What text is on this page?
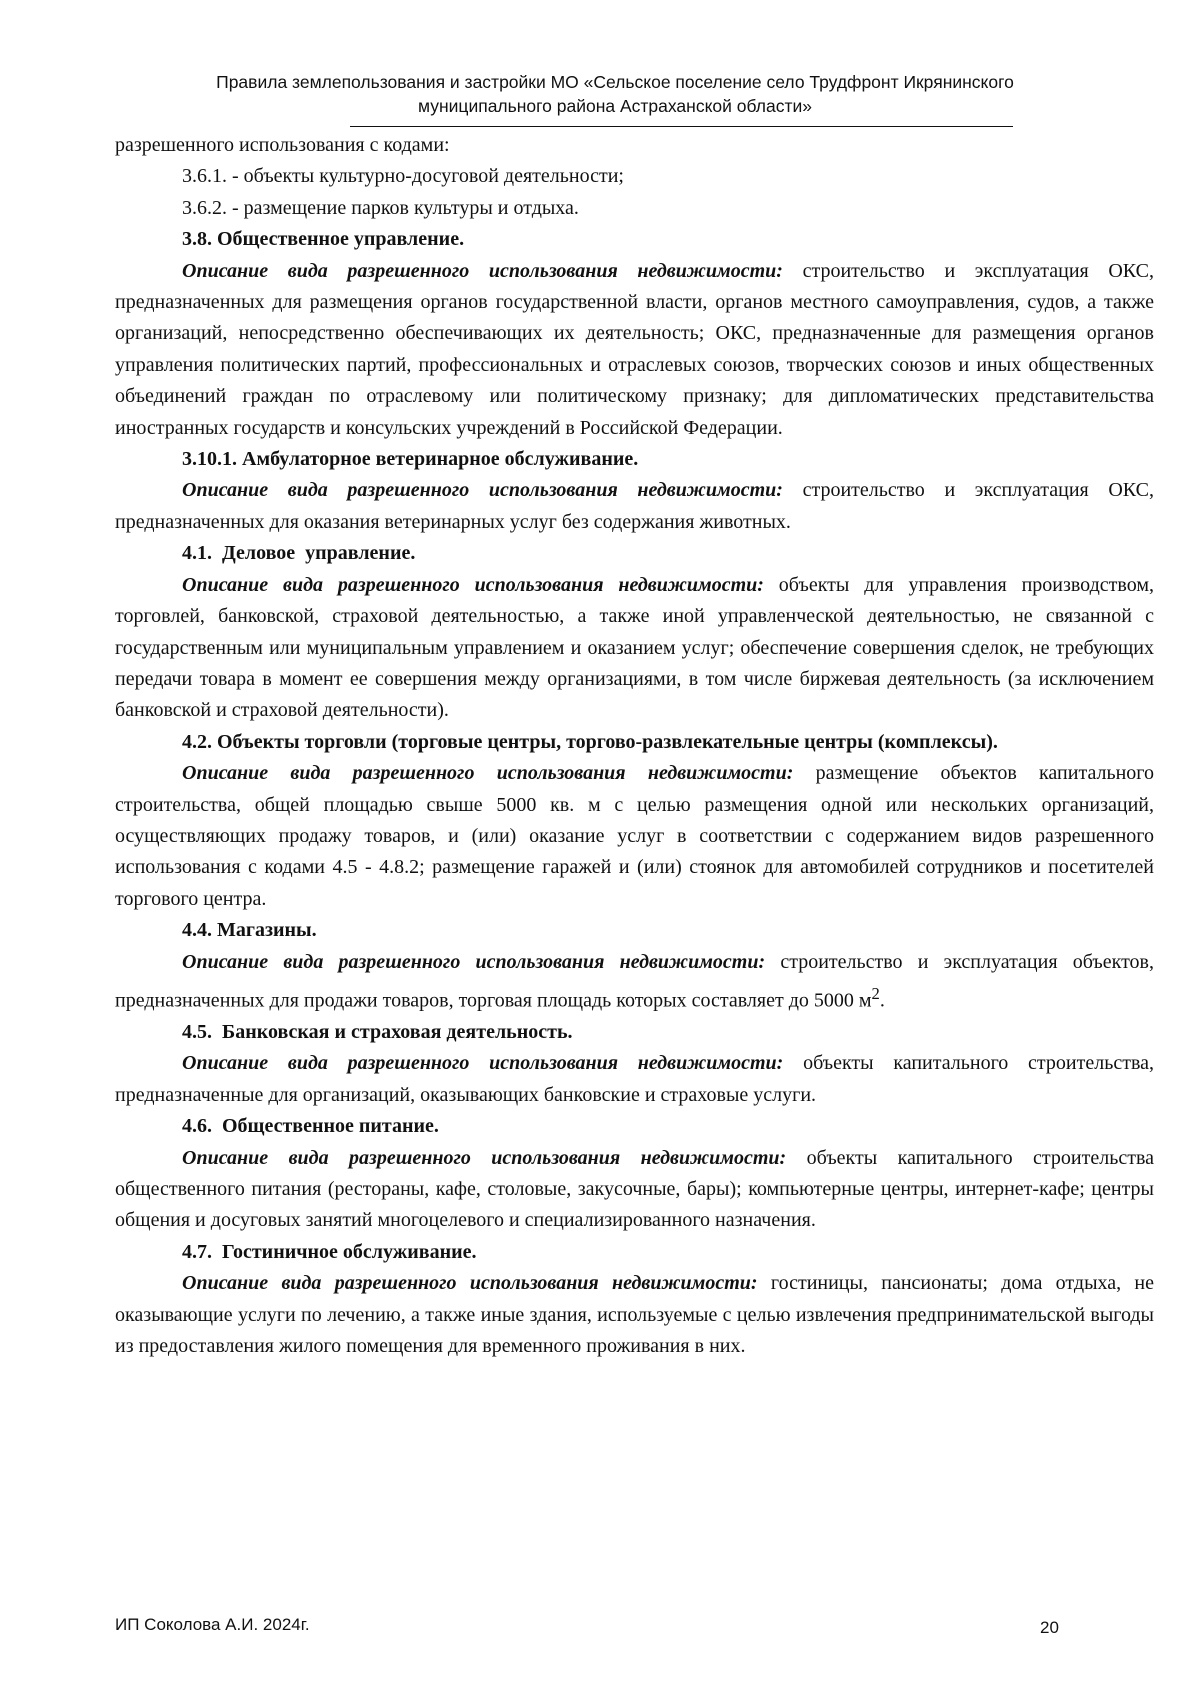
Правила землепользования и застройки МО «Сельское поселение село Трудфронт Икрянинского
муниципального района Астраханской области»

разрешенного использования с кодами:

3.6.1. - объекты культурно-досуговой деятельности;

3.6.2. - размещение парков культуры и отдыха.

3.8. Общественное управление.

Описание вида разрешенного использования недвижимости: строительство и эксплуатация ОКС, предназначенных для размещения органов государственной власти, органов местного самоуправления, судов, а также организаций, непосредственно обеспечивающих их деятельность; ОКС, предназначенные для размещения органов управления политических партий, профессиональных и отраслевых союзов, творческих союзов и иных общественных объединений граждан по отраслевому или политическому признаку; для дипломатических представительства иностранных государств и консульских учреждений в Российской Федерации.

3.10.1. Амбулаторное ветеринарное обслуживание.

Описание вида разрешенного использования недвижимости: строительство и эксплуатация ОКС, предназначенных для оказания ветеринарных услуг без содержания животных.

4.1.  Деловое  управление.

Описание вида разрешенного использования недвижимости: объекты для управления производством, торговлей, банковской, страховой деятельностью, а также иной управленческой деятельностью, не связанной с государственным или муниципальным управлением и оказанием услуг; обеспечение совершения сделок, не требующих передачи товара в момент ее совершения между организациями, в том числе биржевая деятельность (за исключением банковской и страховой деятельности).

4.2. Объекты торговли (торговые центры, торгово-развлекательные центры (комплексы).

Описание вида разрешенного использования недвижимости: размещение объектов капитального строительства, общей площадью свыше 5000 кв. м с целью размещения одной или нескольких организаций, осуществляющих продажу товаров, и (или) оказание услуг в соответствии с содержанием видов разрешенного использования с кодами 4.5 - 4.8.2; размещение гаражей и (или) стоянок для автомобилей сотрудников и посетителей торгового центра.

4.4. Магазины.

Описание вида разрешенного использования недвижимости: строительство и эксплуатация объектов, предназначенных для продажи товаров, торговая площадь которых составляет до 5000 $м^2$.

4.5.  Банковская и страховая деятельность.

Описание вида разрешенного использования недвижимости: объекты капитального строительства, предназначенные для организаций, оказывающих банковские и страховые услуги.

4.6.  Общественное питание.

Описание вида разрешенного использования недвижимости: объекты капитального строительства общественного питания (рестораны, кафе, столовые, закусочные, бары); компьютерные центры, интернет-кафе; центры общения и досуговых занятий многоцелевого и специализированного назначения.

4.7.  Гостиничное обслуживание.

Описание вида разрешенного использования недвижимости: гостиницы, пансионаты; дома отдыха, не оказывающие услуги по лечению, а также иные здания, используемые с целью извлечения предпринимательской выгоды из предоставления жилого помещения для временного проживания в них.

ИП Соколова А.И. 2024г.	20
